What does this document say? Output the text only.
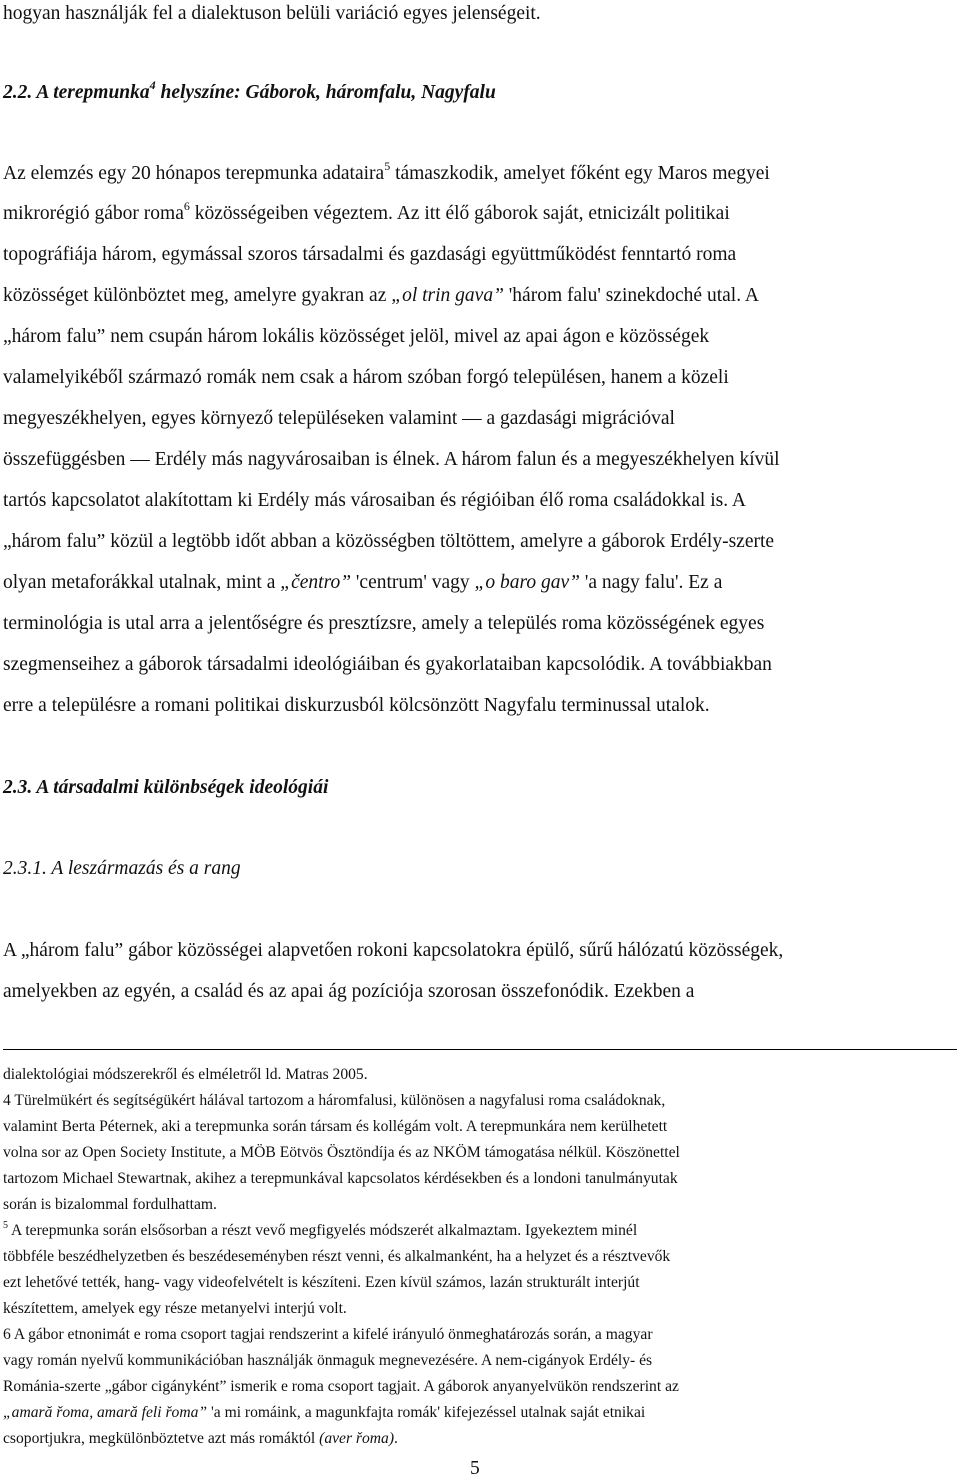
hogyan használják fel a dialektuson belüli variáció egyes jelenségeit.
2.2. A terepmunka$^4$ helyszíne: Gáborok, háromfalu, Nagyfalu
Az elemzés egy 20 hónapos terepmunka adataira$^5$ támaszkodik, amelyet főként egy Maros megyei
mikrorégió gábor roma$^6$ közösségeiben végeztem. Az itt élő gáborok saját, etnicizált politikai
topográfiája három, egymással szoros társadalmi és gazdasági együttműködést fenntartó roma
közösséget különböztet meg, amelyre gyakran az „ol trin gava” 'három falu' szinekdoché utal. A
„három falu” nem csupán három lokális közösséget jelöl, mivel az apai ágon e közösségek
valamelyikéből származó romák nem csak a három szóban forgó településen, hanem a közeli
megyeszékhelyen, egyes környező településeken valamint — a gazdasági migrációval
összefüggésben — Erdély más nagyvárosaiban is élnek. A három falun és a megyeszékhelyen kívül
tartós kapcsolatot alakítottam ki Erdély más városaiban és régióiban élő roma családokkal is. A
„három falu” közül a legtöbb időt abban a közösségben töltöttem, amelyre a gáborok Erdély-szerte
olyan metaforákkal utalnak, mint a „čentro” 'centrum' vagy „o baro gav” 'a nagy falu'. Ez a
terminológia is utal arra a jelentőségre és presztízsre, amely a település roma közösségének egyes
szegmenseihez a gáborok társadalmi ideológiáiban és gyakorlataiban kapcsolódik. A továbbiakban
erre a településre a romani politikai diskurzusból kölcsönzött Nagyfalu terminussal utalok.
2.3. A társadalmi különbségek ideológiái
2.3.1. A leszármazás és a rang
A „három falu” gábor közösségei alapvetően rokoni kapcsolatokra épülő, sűrű hálózatú közösségek,
amelyekben az egyén, a család és az apai ág pozíciója szorosan összefonódik. Ezekben a
dialektológiai módszerekről és elméletről ld. Matras 2005.
4 Türelmükért és segítségükért hálával tartozom a háromfalusi, különösen a nagyfalusi roma családoknak,
valamint Berta Péternek, aki a terepmunka során társam és kollégám volt. A terepmunkára nem kerülhetett
volna sor az Open Society Institute, a MÖB Eötvös Ösztöndíja és az NKÖM támogatása nélkül. Köszönettel
tartozom Michael Stewartnak, akihez a terepmunkával kapcsolatos kérdésekben és a londoni tanulmányutak
során is bizalommal fordulhattam.
$^5$ A terepmunka során elsősorban a részt vevő megfigyelés módszerét alkalmaztam. Igyekeztem minél
többféle beszédhelyzetben és beszédeseményben részt venni, és alkalmanként, ha a helyzet és a résztvevők
ezt lehetővé tették, hang- vagy videofelvételt is készíteni. Ezen kívül számos, lazán strukturált interjút
készítettem, amelyek egy része metanyelvi interjú volt.
6 A gábor etnonimát e roma csoport tagjai rendszerint a kifelé irányuló önmeghatározás során, a magyar
vagy román nyelvű kommunikációban használják önmaguk megnevezésére. A nem-cigányok Erdély- és
Románia-szerte „gábor cigányként” ismerik e roma csoport tagjait. A gáborok anyanyelvükön rendszerint az
„amară řoma, amară feli řoma” 'a mi romáink, a magunkfajta romák' kifejezéssel utalnak saját etnikai
csoportjukra, megkülönböztetve azt más romáktól (aver řoma).
5
